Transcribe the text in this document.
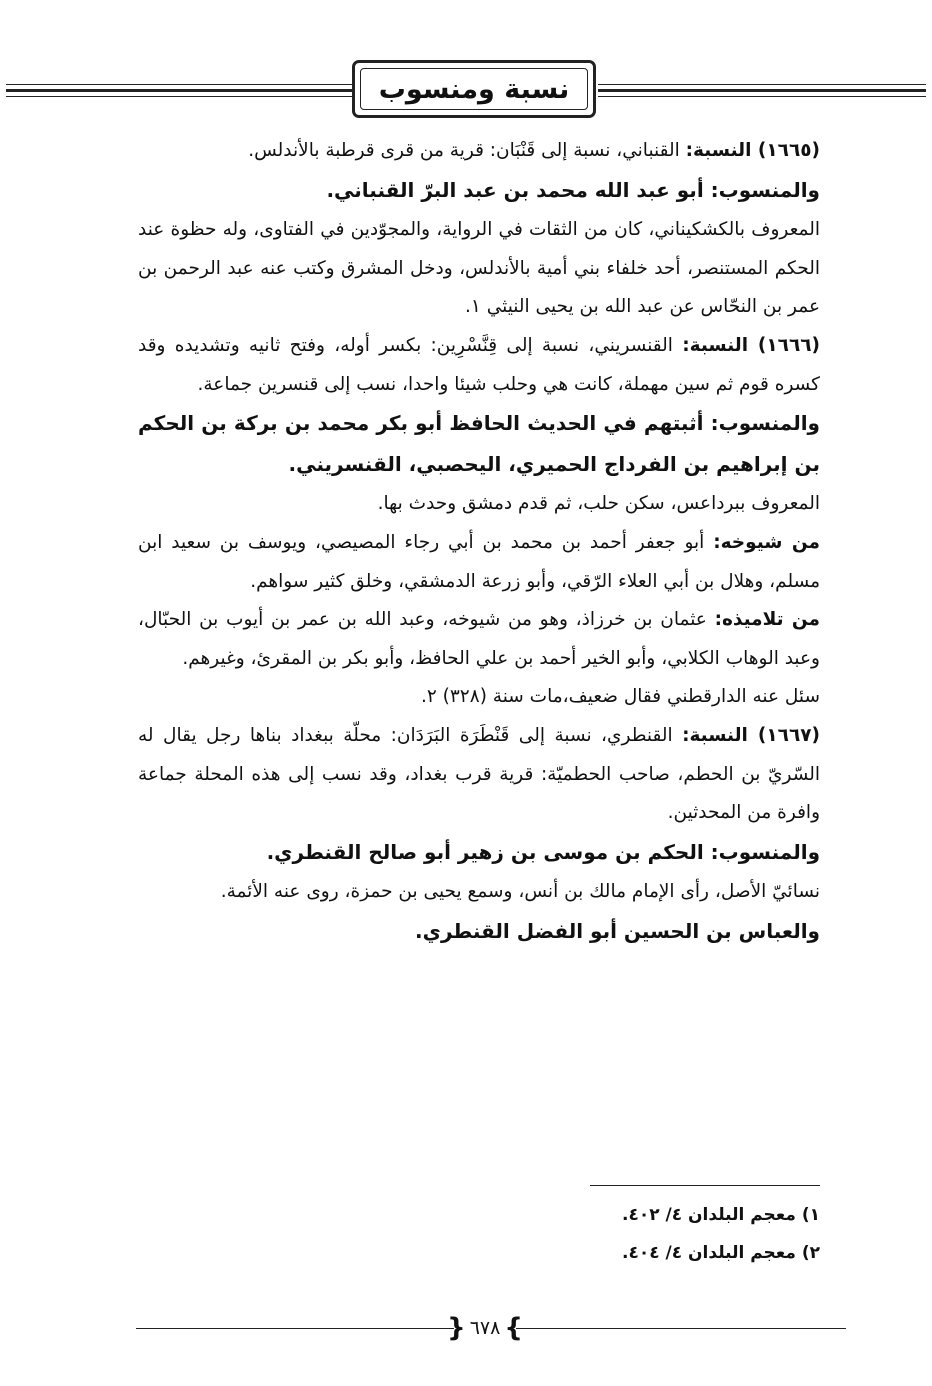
نسبة ومنسوب

(١٦٦٥) النسبة: القنباني، نسبة إلى قَنْبَان: قرية من قرى قرطبة بالأندلس.

والمنسوب: أبو عبد الله محمد بن عبد البرّ القنباني.

المعروف بالكشكيناني، كان من الثقات في الرواية، والمجوّدين في الفتاوى، وله حظوة عند الحكم المستنصر، أحد خلفاء بني أمية بالأندلس، ودخل المشرق وكتب عنه عبد الرحمن بن عمر بن النحّاس عن عبد الله بن يحيى النيثي ١.

(١٦٦٦) النسبة: القنسريني، نسبة إلى قِنَّسْرِين: بكسر أوله، وفتح ثانيه وتشديده وقد كسره قوم ثم سين مهملة، كانت هي وحلب شيئا واحدا، نسب إلى قنسرين جماعة.

والمنسوب: أثبتهم في الحديث الحافظ أبو بكر محمد بن بركة بن الحكم بن إبراهيم بن الفرداج الحميري، اليحصبي، القنسريني.

المعروف ببرداعس، سكن حلب، ثم قدم دمشق وحدث بها.

من شيوخه: أبو جعفر أحمد بن محمد بن أبي رجاء المصيصي، ويوسف بن سعيد ابن مسلم، وهلال بن أبي العلاء الرّقي، وأبو زرعة الدمشقي، وخلق كثير سواهم.

من تلاميذه: عثمان بن خرزاذ، وهو من شيوخه، وعبد الله بن عمر بن أيوب بن الحبّال، وعبد الوهاب الكلابي، وأبو الخير أحمد بن علي الحافظ، وأبو بكر بن المقرئ، وغيرهم.

سئل عنه الدارقطني فقال ضعيف،مات سنة (٣٢٨) ٢.

(١٦٦٧) النسبة: القنطري، نسبة إلى قَنْطَرَة البَرَدَان: محلّة ببغداد بناها رجل يقال له السّريّ بن الحطم، صاحب الحطميّة: قرية قرب بغداد، وقد نسب إلى هذه المحلة جماعة وافرة من المحدثين.

والمنسوب: الحكم بن موسى بن زهير أبو صالح القنطري.

نسائيّ الأصل، رأى الإمام مالك بن أنس، وسمع يحيى بن حمزة، روى عنه الأئمة.

والعباس بن الحسين أبو الفضل القنطري.

١) معجم البلدان ٤/ ٤٠٢.

٢) معجم البلدان ٤/ ٤٠٤.

}
٦٧٨
{
